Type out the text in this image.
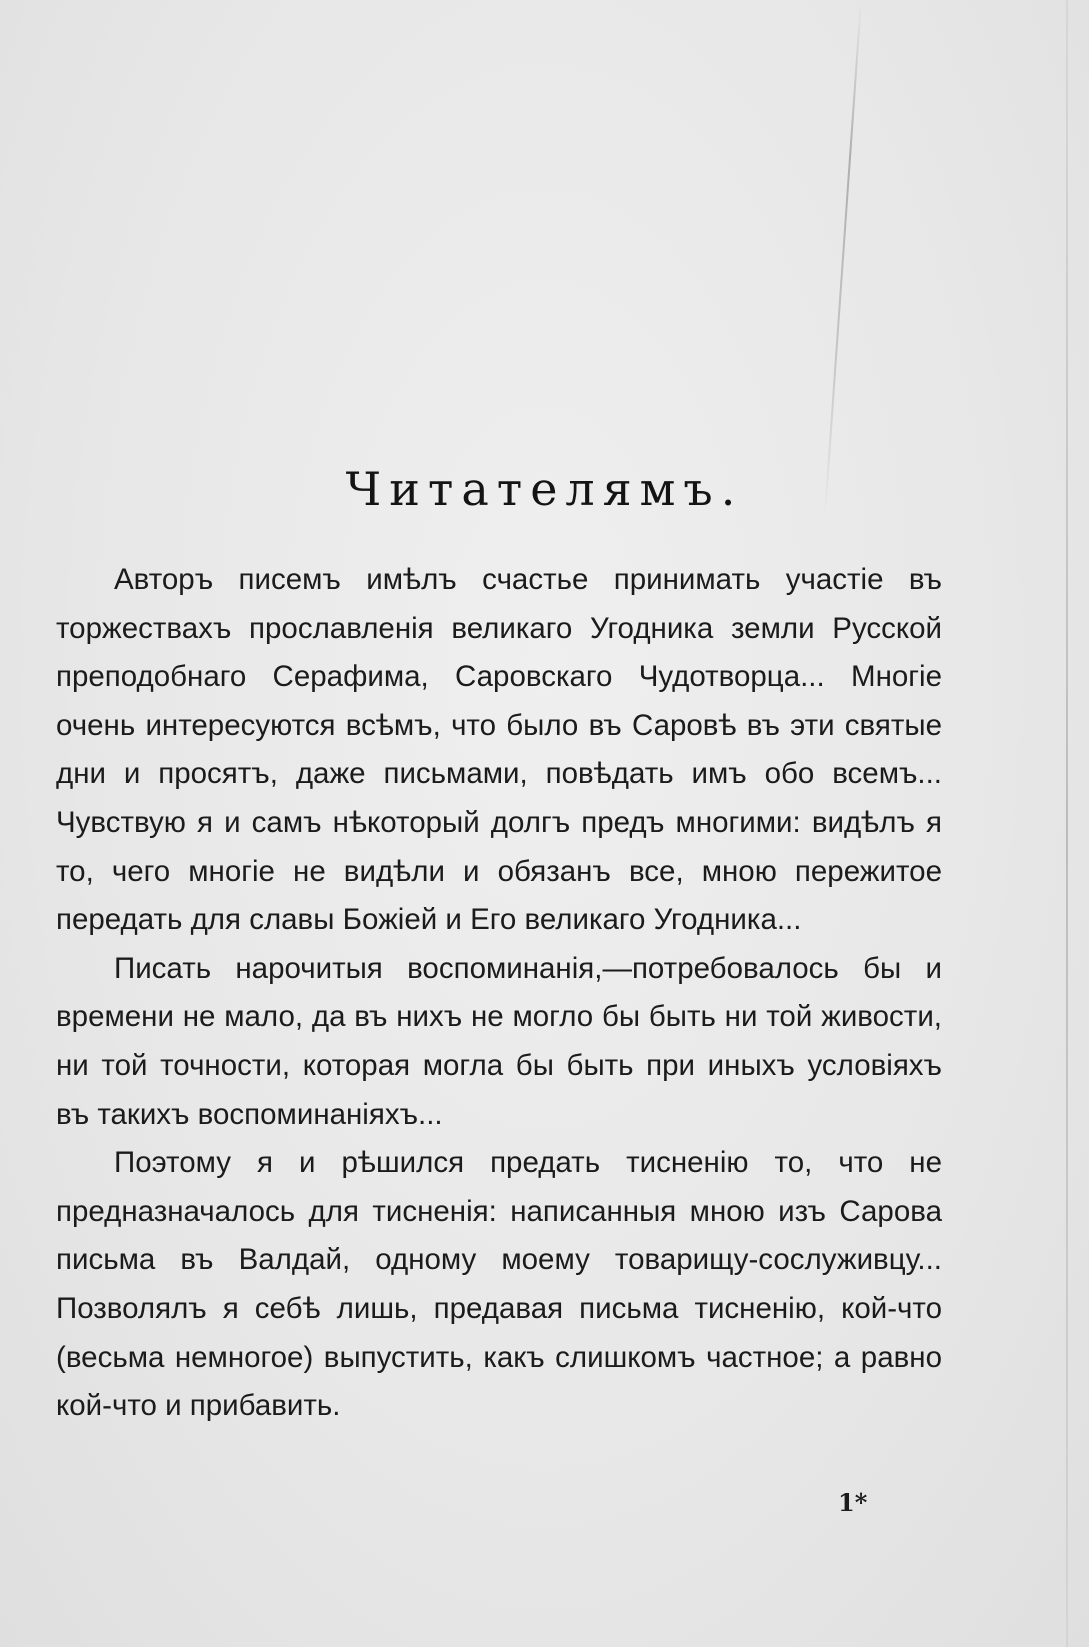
Читателямъ.

Авторъ писемъ имѣлъ счастье принимать участіе въ торжествахъ прославленія великаго Угодника земли Русской преподобнаго Серафима, Саровскаго Чудотворца... Многіе очень интересуются всѣмъ, что было въ Саровѣ въ эти святые дни и просятъ, даже письмами, повѣдать имъ обо всемъ... Чувствую я и самъ нѣкоторый долгъ предъ многими: видѣлъ я то, чего многіе не видѣли и обязанъ все, мною пережитое передать для славы Божіей и Его великаго Угодника...

Писать нарочитыя воспоминанія,—потребовалось бы и времени не мало, да въ нихъ не могло бы быть ни той живости, ни той точности, которая могла бы быть при иныхъ условіяхъ въ такихъ воспоминаніяхъ...

Поэтому я и рѣшился предать тисненію то, что не предназначалось для тисненія: написанныя мною изъ Сарова письма въ Валдай, одному моему товарищу-сослуживцу... Позволялъ я себѣ лишь, предавая письма тисненію, кой-что (весьма немногое) выпустить, какъ слишкомъ частное; а равно кой-что и прибавить.

1*
